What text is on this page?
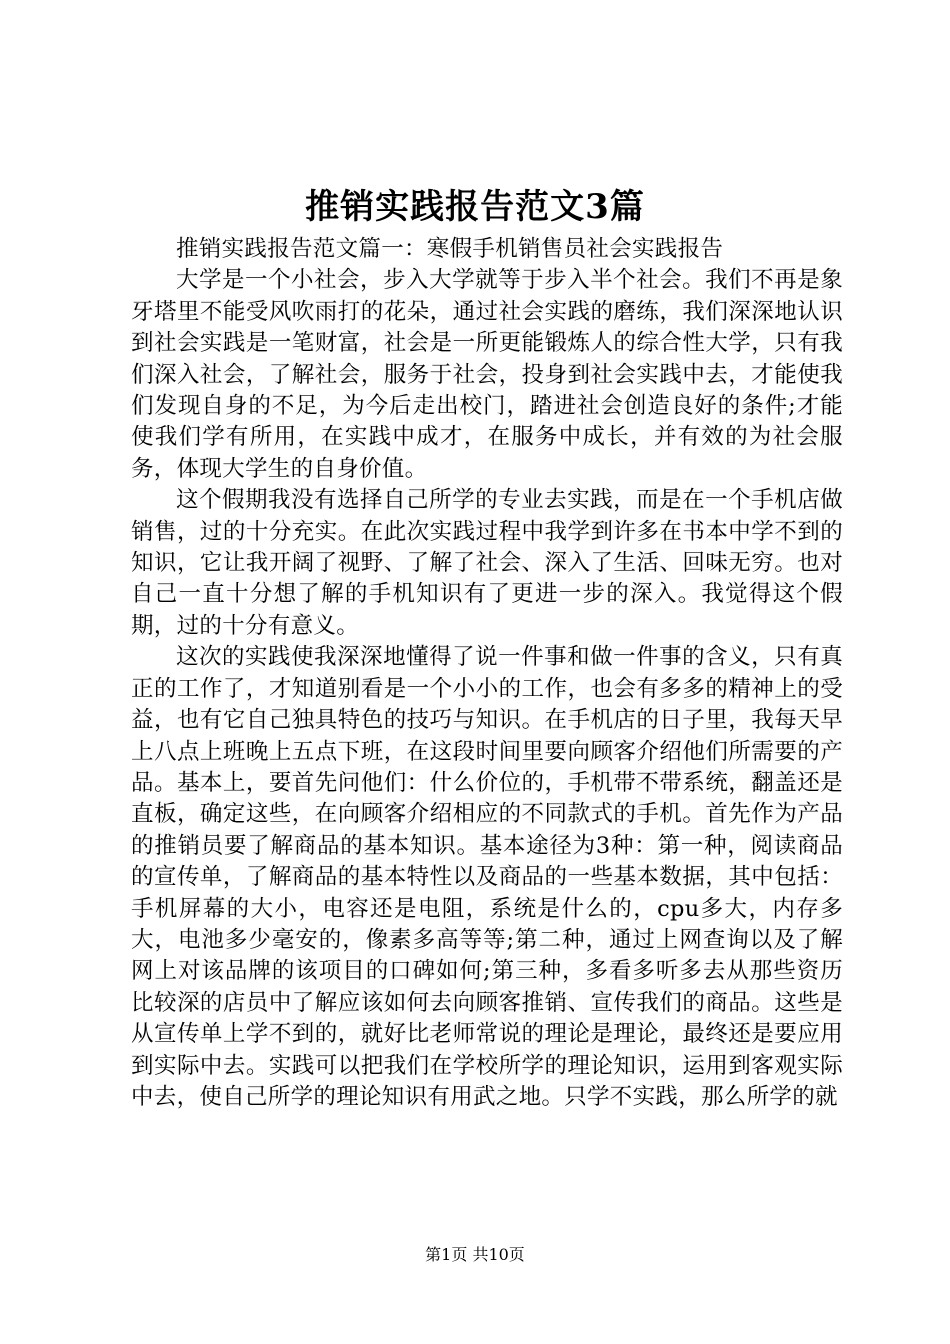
推销实践报告范文3篇

推销实践报告范文篇一：寒假手机销售员社会实践报告

大学是一个小社会，步入大学就等于步入半个社会。我们不再是象牙塔里不能受风吹雨打的花朵，通过社会实践的磨练，我们深深地认识到社会实践是一笔财富，社会是一所更能锻炼人的综合性大学，只有我们深入社会，了解社会，服务于社会，投身到社会实践中去，才能使我们发现自身的不足，为今后走出校门，踏进社会创造良好的条件;才能使我们学有所用，在实践中成才，在服务中成长，并有效的为社会服务，体现大学生的自身价值。

这个假期我没有选择自己所学的专业去实践，而是在一个手机店做销售，过的十分充实。在此次实践过程中我学到许多在书本中学不到的知识，它让我开阔了视野、了解了社会、深入了生活、回味无穷。也对自己一直十分想了解的手机知识有了更进一步的深入。我觉得这个假期，过的十分有意义。

这次的实践使我深深地懂得了说一件事和做一件事的含义，只有真正的工作了，才知道别看是一个小小的工作，也会有多多的精神上的受益，也有它自己独具特色的技巧与知识。在手机店的日子里，我每天早上八点上班晚上五点下班，在这段时间里要向顾客介绍他们所需要的产品。基本上，要首先问他们：什么价位的，手机带不带系统，翻盖还是直板，确定这些，在向顾客介绍相应的不同款式的手机。首先作为产品的推销员要了解商品的基本知识。基本途径为3种：第一种，阅读商品的宣传单，了解商品的基本特性以及商品的一些基本数据，其中包括：手机屏幕的大小，电容还是电阻，系统是什么的，cpu多大，内存多大，电池多少毫安的，像素多高等等;第二种，通过上网查询以及了解网上对该品牌的该项目的口碑如何;第三种，多看多听多去从那些资历比较深的店员中了解应该如何去向顾客推销、宣传我们的商品。这些是从宣传单上学不到的，就好比老师常说的理论是理论，最终还是要应用到实际中去。实践可以把我们在学校所学的理论知识，运用到客观实际中去，使自己所学的理论知识有用武之地。只学不实践，那么所学的就

第1页 共10页
